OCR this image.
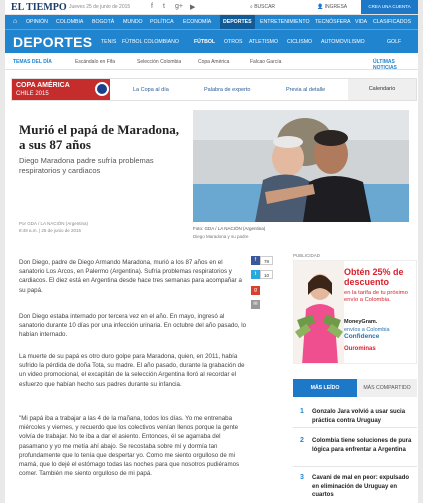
EL TIEMPO Jueves 25 de junio de 2015	f t g+ ▶	⌕ BUSCAR	👤 INGRESA	CREA UNA CUENTA
⌂ OPINIÓN COLOMBIA BOGOTÁ MUNDO POLÍTICA ECONOMÍA	DEPORTES	ENTRETENIMIENTO TECNÓSFERA VIDA CLASIFICADOS
DEPORTES TENIS FÚTBOL COLOMBIANO	FÚTBOL OTROS ATLETISMO CICLISMO AUTOMOVILISMO	GOLF
TEMAS DEL DÍA	Escándalo en Fifa	Selección Colombia	Copa América	Falcao García	ÚLTIMAS NOTICIAS
COPA AMÉRICA
CHILE 2015
La Copa al día	Palabra de experto	Previa al detalle	Calendario
Murió el papá de Maradona, a sus 87 años
Diego Maradona padre sufría problemas respiratorios y cardiacos
Por GDA / LA NACIÓN (Argentina)
8:49 a.m. | 25 de junio de 2015	Foto: GDA / LA NACIÓN (Argentina)
Diego Maradona y su padre
f	78
t	10
g
✉

Don Diego, padre de Diego Armando Maradona, murió a los 87 años en el sanatorio Los Arcos, en Palermo (Argentina). Sufría problemas respiratorios y cardiacos. El diez está en Argentina desde hace tres semanas para acompañar a su papá.

Don Diego estaba internado por tercera vez en el año. En mayo, ingresó al sanatorio durante 10 días por una infección urinaria. En octubre del año pasado, lo habían internado.

La muerte de su papá es otro duro golpe para Maradona, quien, en 2011, había sufrido la pérdida de doña Tota, su madre. El año pasado, durante la grabación de un video promocional, el excapitán de la selección Argentina lloró al recordar el esfuerzo que habían hecho sus padres durante su infancia.

"Mi papá iba a trabajar a las 4 de la mañana, todos los días. Yo me entrenaba miércoles y viernes, y recuerdo que los colectivos venían llenos porque la gente volvía de trabajar. No te iba a dar el asiento. Entonces, él se agarraba del pasamano y yo me metía ahí abajo. Se recostaba sobre mí y dormía tan profundamente que lo tenía que despertar yo. Como me siento orgulloso de mi mamá, que lo dejé el estómago todas las noches para que nosotros pudiéramos comer. También me siento orgulloso de mi papá.

PUBLICIDAD
Obtén 25% de descuento
en la tarifa de tu próximo envío a Colombia.
MoneyGram.
envíos a Colombia
Confidence
Ourominas
MÁS LEÍDO	MÁS COMPARTIDO
1 Gonzalo Jara volvió a usar sucia práctica contra Uruguay
2 Colombia tiene soluciones de pura lógica para enfrentar a Argentina
3 Cavani de mal en peor: expulsado en eliminación de Uruguay en cuartos
